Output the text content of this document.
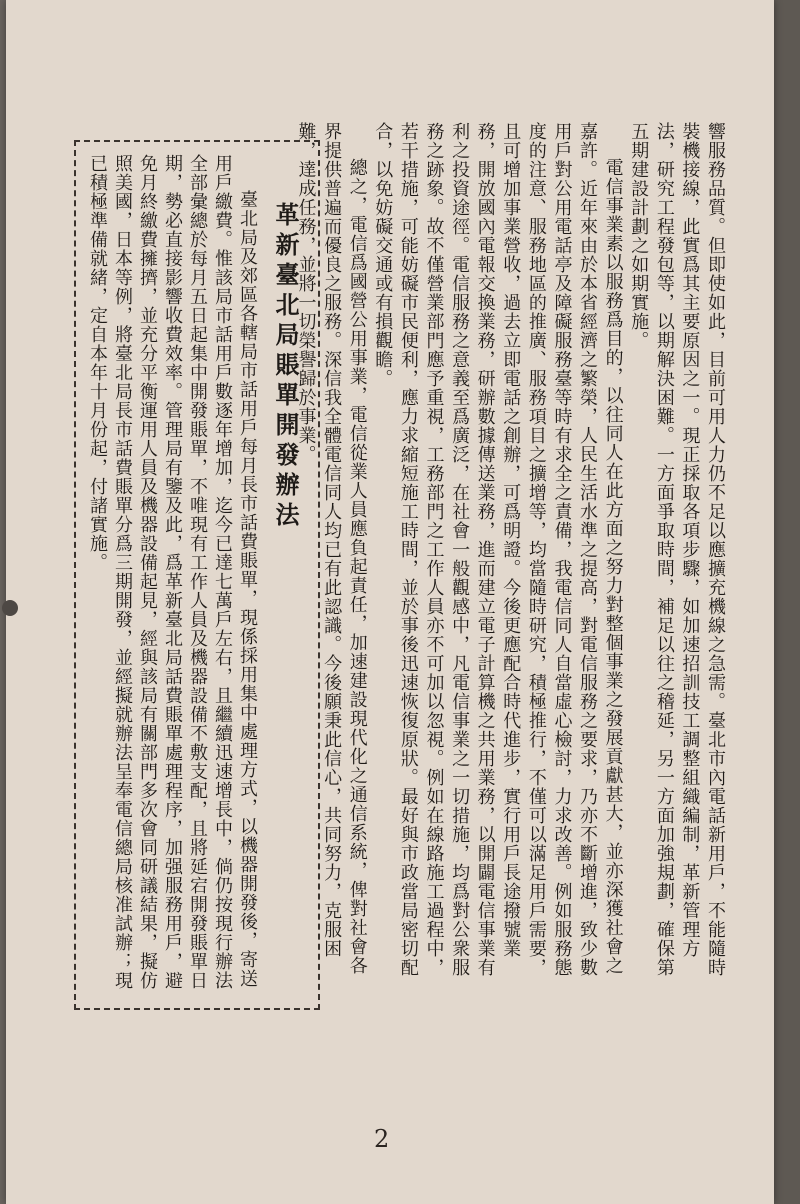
響服務品質。但即使如此，目前可用人力仍不足以應擴充機線之急需。臺北市內電話新用戶，不能隨時裝機接線，此實爲其主要原因之一。現正採取各項步驟，如加速招訓技工調整組織編制，革新管理方法，研究工程發包等，以期解決困難。一方面爭取時間，補足以往之稽延，另一方面加強規劃，確保第五期建設計劃之如期實施。

電信事業素以服務爲目的，以往同人在此方面之努力對整個事業之發展貢獻甚大，並亦深獲社會之嘉許。近年來由於本省經濟之繁榮，人民生活水準之提高，對電信服務之要求，乃亦不斷增進，致少數用戶對公用電話亭及障礙服務臺等時有求全之責備，我電信同人自當虛心檢討，力求改善。例如服務態度的注意、服務地區的推廣、服務項目之擴增等，均當隨時研究，積極推行，不僅可以滿足用戶需要，且可增加事業營收，過去立即電話之創辦，可爲明證。今後更應配合時代進步，實行用戶長途撥號業務，開放國內電報交換業務，研辦數據傳送業務，進而建立電子計算機之共用業務，以開闢電信事業有利之投資途徑。電信服務之意義至爲廣泛，在社會一般觀感中，凡電信事業之一切措施，均爲對公衆服務之跡象。故不僅營業部門應予重視，工務部門之工作人員亦不可加以忽視。例如在線路施工過程中，若干措施，可能妨礙市民便利，應力求縮短施工時間，並於事後迅速恢復原狀。最好與市政當局密切配合，以免妨礙交通或有損觀瞻。

總之，電信爲國營公用事業，電信從業人員應負起責任，加速建設現代化之通信系統，俾對社會各界提供普遍而優良之服務。深信我全體電信同人均已有此認識。今後願秉此信心，共同努力，克服困難，達成任務，並將一切榮譽歸於事業。

革新臺北局賬單開發辦法

臺北局及郊區各轄局市話用戶每月長市話費賬單，現係採用集中處理方式，以機器開發後，寄送用戶繳費。惟該局市話用戶數逐年增加，迄今已達七萬戶左右，且繼續迅速增長中，倘仍按現行辦法全部彙總於每月五日起集中開發賬單，不唯現有工作人員及機器設備不敷支配，且將延宕開發賬單日期，勢必直接影響收費效率。管理局有鑒及此，爲革新臺北局話費賬單處理程序，加强服務用戶，避免月終繳費擁擠，並充分平衡運用人員及機器設備起見，經與該局有關部門多次會同研議結果，擬仿照美國，日本等例，將臺北局長市話費賬單分爲三期開發，並經擬就辦法呈奉電信總局核准試辦；現已積極準備就緒，定自本年十月份起，付諸實施。

2
